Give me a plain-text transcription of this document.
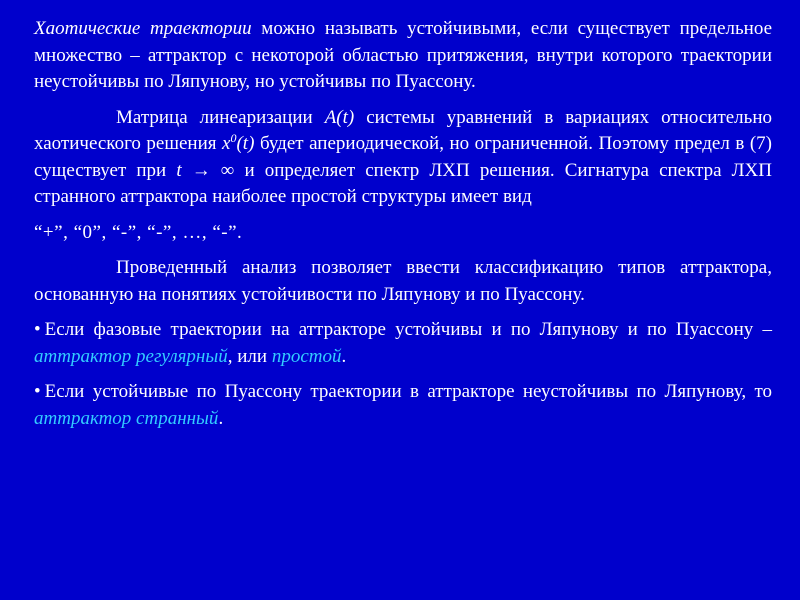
Хаотические траектории можно называть устойчивыми, если существует предельное множество – аттрактор с некоторой областью притяжения, внутри которого траектории неустойчивы по Ляпунову, но устойчивы по Пуассону.

Матрица линеаризации A(t) системы уравнений в вариациях относительно хаотического решения $x^0(t)$ будет апериодической, но ограниченной. Поэтому предел в (7) существует при t → ∞ и определяет спектр ЛХП решения. Сигнатура спектра ЛХП странного аттрактора наиболее простой структуры имеет вид

“+”, “0”, “-”, “-”, …, “-”.

Проведенный анализ позволяет ввести классификацию типов аттрактора, основанную на понятиях устойчивости по Ляпунову и по Пуассону.

• Если фазовые траектории на аттракторе устойчивы и по Ляпунову и по Пуассону – аттрактор регулярный, или простой.

• Если устойчивые по Пуассону траектории в аттракторе неустойчивы по Ляпунову, то аттрактор странный.
